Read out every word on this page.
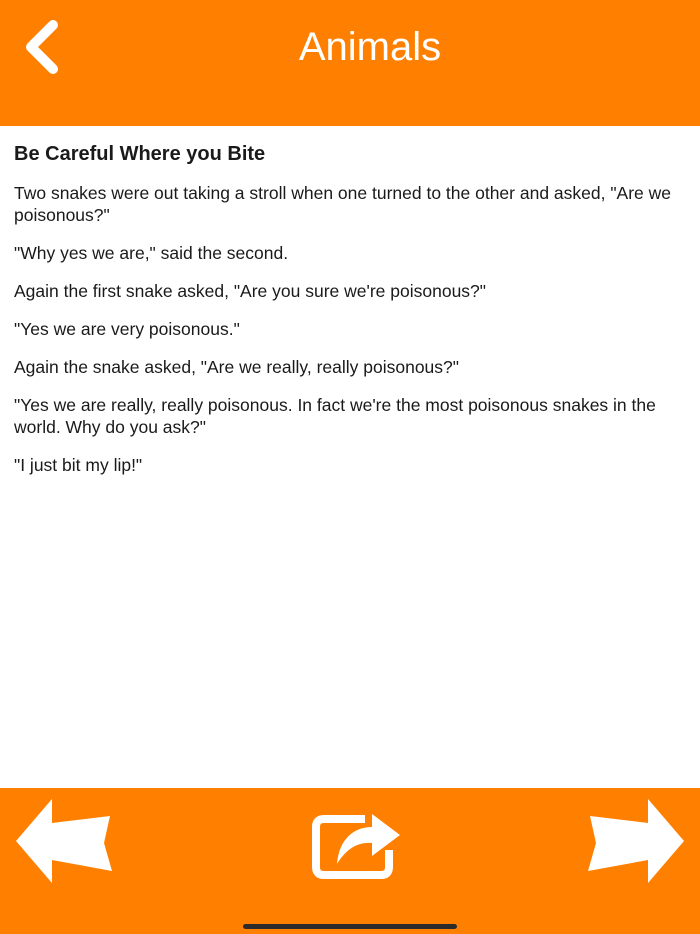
Animals
Be Careful Where you Bite

Two snakes were out taking a stroll when one turned to the other and asked, "Are we poisonous?"

"Why yes we are," said the second.

Again the first snake asked, "Are you sure we're poisonous?"

"Yes we are very poisonous."

Again the snake asked, "Are we really, really poisonous?"

"Yes we are really, really poisonous. In fact we're the most poisonous snakes in the world. Why do you ask?"

"I just bit my lip!"
